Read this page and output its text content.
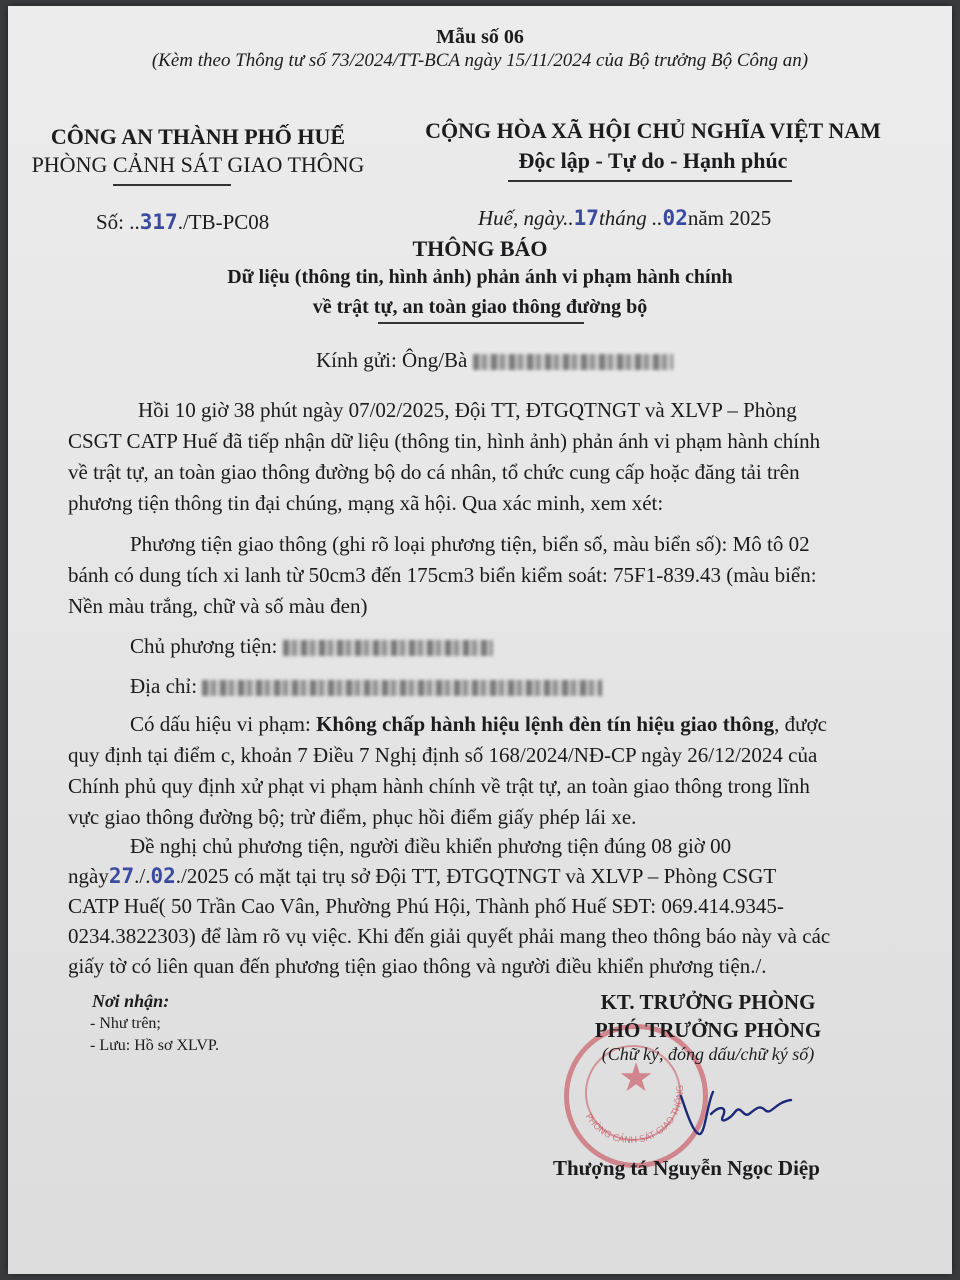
Mẫu số 06
(Kèm theo Thông tư số 73/2024/TT-BCA ngày 15/11/2024 của Bộ trưởng Bộ Công an)
CÔNG AN THÀNH PHỐ HUẾ
PHÒNG CẢNH SÁT GIAO THÔNG
CỘNG HÒA XÃ HỘI CHỦ NGHĨA VIỆT NAM
Độc lập - Tự do - Hạnh phúc
Số: ..317./TB-PC08	Huế, ngày..17tháng ..02năm 2025
THÔNG BÁO
Dữ liệu (thông tin, hình ảnh) phản ánh vi phạm hành chính
về trật tự, an toàn giao thông đường bộ
Kính gửi: Ông/Bà
Hồi 10 giờ 38 phút ngày 07/02/2025, Đội TT, ĐTGQTNGT và XLVP – Phòng
CSGT CATP Huế đã tiếp nhận dữ liệu (thông tin, hình ảnh) phản ánh vi phạm hành chính
về trật tự, an toàn giao thông đường bộ do cá nhân, tổ chức cung cấp hoặc đăng tải trên
phương tiện thông tin đại chúng, mạng xã hội. Qua xác minh, xem xét:
Phương tiện giao thông (ghi rõ loại phương tiện, biển số, màu biển số): Mô tô 02
bánh có dung tích xi lanh từ 50cm3 đến 175cm3 biển kiểm soát: 75F1-839.43 (màu biển:
Nền màu trắng, chữ và số màu đen)
Chủ phương tiện:
Địa chỉ:
Có dấu hiệu vi phạm: Không chấp hành hiệu lệnh đèn tín hiệu giao thông, được
quy định tại điểm c, khoản 7 Điều 7 Nghị định số 168/2024/NĐ-CP ngày 26/12/2024 của
Chính phủ quy định xử phạt vi phạm hành chính về trật tự, an toàn giao thông trong lĩnh
vực giao thông đường bộ; trừ điểm, phục hồi điểm giấy phép lái xe.
Đề nghị chủ phương tiện, người điều khiển phương tiện đúng 08 giờ 00
ngày27./.02./2025 có mặt tại trụ sở Đội TT, ĐTGQTNGT và XLVP – Phòng CSGT
CATP Huế( 50 Trần Cao Vân, Phường Phú Hội, Thành phố Huế SĐT: 069.414.9345-
0234.3822303) để làm rõ vụ việc. Khi đến giải quyết phải mang theo thông báo này và các
giấy tờ có liên quan đến phương tiện giao thông và người điều khiển phương tiện./.
Nơi nhận:
- Như trên;
- Lưu: Hồ sơ XLVP.
★
PHÒNG CẢNH SÁT GIAO THÔNG
KT. TRƯỞNG PHÒNG
PHÓ TRƯỞNG PHÒNG
(Chữ ký, đóng dấu/chữ ký số)
Thượng tá Nguyễn Ngọc Diệp
